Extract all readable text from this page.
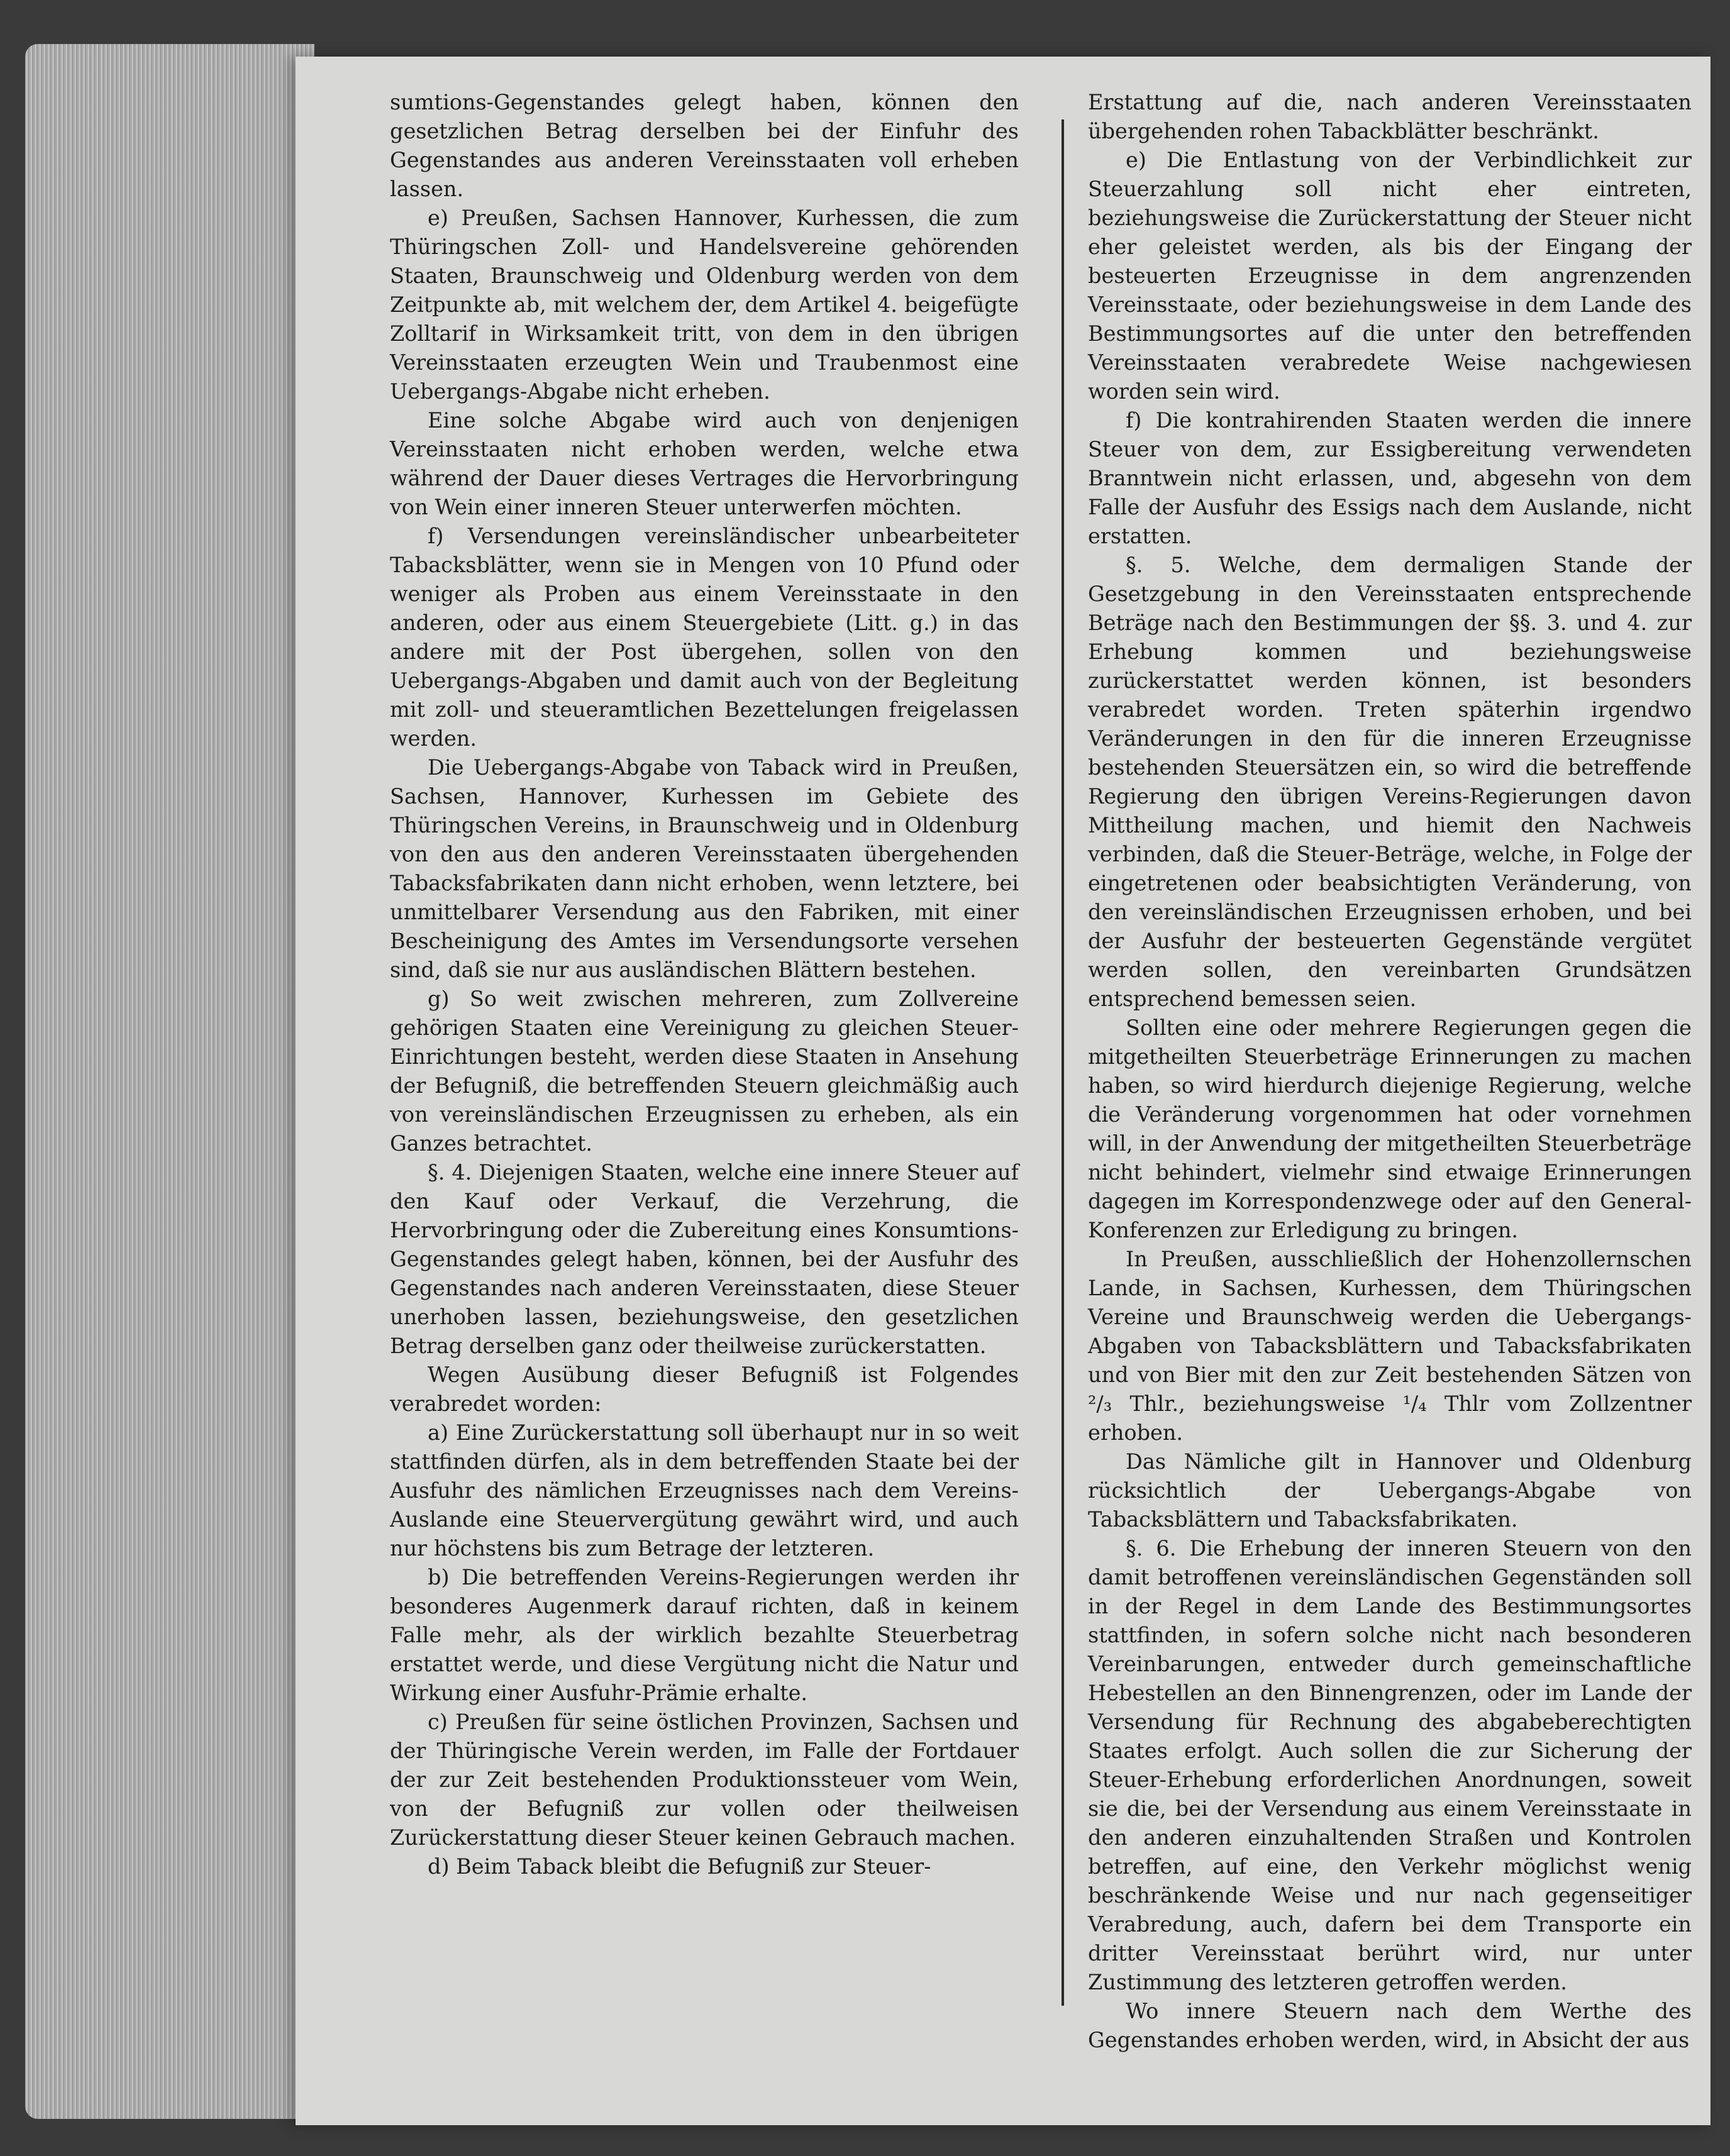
sumtions-Gegenstandes gelegt haben, können den gesetzlichen Betrag derselben bei der Einfuhr des Gegenstandes aus anderen Vereinsstaaten voll erheben lassen.

e) Preußen, Sachsen Hannover, Kurhessen, die zum Thüringschen Zoll- und Handelsvereine gehörenden Staaten, Braunschweig und Oldenburg werden von dem Zeitpunkte ab, mit welchem der, dem Artikel 4. beigefügte Zolltarif in Wirksamkeit tritt, von dem in den übrigen Vereinsstaaten erzeugten Wein und Traubenmost eine Uebergangs-Abgabe nicht erheben.

Eine solche Abgabe wird auch von denjenigen Vereinsstaaten nicht erhoben werden, welche etwa während der Dauer dieses Vertrages die Hervorbringung von Wein einer inneren Steuer unterwerfen möchten.

f) Versendungen vereinsländischer unbearbeiteter Tabacksblätter, wenn sie in Mengen von 10 Pfund oder weniger als Proben aus einem Vereinsstaate in den anderen, oder aus einem Steuergebiete (Litt. g.) in das andere mit der Post übergehen, sollen von den Uebergangs-Abgaben und damit auch von der Begleitung mit zoll- und steueramtlichen Bezettelungen freigelassen werden.

Die Uebergangs-Abgabe von Taback wird in Preußen, Sachsen, Hannover, Kurhessen im Gebiete des Thüringschen Vereins, in Braunschweig und in Oldenburg von den aus den anderen Vereinsstaaten übergehenden Tabacksfabrikaten dann nicht erhoben, wenn letztere, bei unmittelbarer Versendung aus den Fabriken, mit einer Bescheinigung des Amtes im Versendungsorte versehen sind, daß sie nur aus ausländischen Blättern bestehen.

g) So weit zwischen mehreren, zum Zollvereine gehörigen Staaten eine Vereinigung zu gleichen Steuer-Einrichtungen besteht, werden diese Staaten in Ansehung der Befugniß, die betreffenden Steuern gleichmäßig auch von vereinsländischen Erzeugnissen zu erheben, als ein Ganzes betrachtet.

§. 4. Diejenigen Staaten, welche eine innere Steuer auf den Kauf oder Verkauf, die Verzehrung, die Hervorbringung oder die Zubereitung eines Konsumtions-Gegenstandes gelegt haben, können, bei der Ausfuhr des Gegenstandes nach anderen Vereinsstaaten, diese Steuer unerhoben lassen, beziehungsweise, den gesetzlichen Betrag derselben ganz oder theilweise zurückerstatten.

Wegen Ausübung dieser Befugniß ist Folgendes verabredet worden:

a) Eine Zurückerstattung soll überhaupt nur in so weit stattfinden dürfen, als in dem betreffenden Staate bei der Ausfuhr des nämlichen Erzeugnisses nach dem Vereins-Auslande eine Steuervergütung gewährt wird, und auch nur höchstens bis zum Betrage der letzteren.

b) Die betreffenden Vereins-Regierungen werden ihr besonderes Augenmerk darauf richten, daß in keinem Falle mehr, als der wirklich bezahlte Steuerbetrag erstattet werde, und diese Vergütung nicht die Natur und Wirkung einer Ausfuhr-Prämie erhalte.

c) Preußen für seine östlichen Provinzen, Sachsen und der Thüringische Verein werden, im Falle der Fortdauer der zur Zeit bestehenden Produktionssteuer vom Wein, von der Befugniß zur vollen oder theilweisen Zurückerstattung dieser Steuer keinen Gebrauch machen.

d) Beim Taback bleibt die Befugniß zur Steuer-

Erstattung auf die, nach anderen Vereinsstaaten übergehenden rohen Tabackblätter beschränkt.

e) Die Entlastung von der Verbindlichkeit zur Steuerzahlung soll nicht eher eintreten, beziehungsweise die Zurückerstattung der Steuer nicht eher geleistet werden, als bis der Eingang der besteuerten Erzeugnisse in dem angrenzenden Vereinsstaate, oder beziehungsweise in dem Lande des Bestimmungsortes auf die unter den betreffenden Vereinsstaaten verabredete Weise nachgewiesen worden sein wird.

f) Die kontrahirenden Staaten werden die innere Steuer von dem, zur Essigbereitung verwendeten Branntwein nicht erlassen, und, abgesehn von dem Falle der Ausfuhr des Essigs nach dem Auslande, nicht erstatten.

§. 5. Welche, dem dermaligen Stande der Gesetzgebung in den Vereinsstaaten entsprechende Beträge nach den Bestimmungen der §§. 3. und 4. zur Erhebung kommen und beziehungsweise zurückerstattet werden können, ist besonders verabredet worden. Treten späterhin irgendwo Veränderungen in den für die inneren Erzeugnisse bestehenden Steuersätzen ein, so wird die betreffende Regierung den übrigen Vereins-Regierungen davon Mittheilung machen, und hiemit den Nachweis verbinden, daß die Steuer-Beträge, welche, in Folge der eingetretenen oder beabsichtigten Veränderung, von den vereinsländischen Erzeugnissen erhoben, und bei der Ausfuhr der besteuerten Gegenstände vergütet werden sollen, den vereinbarten Grundsätzen entsprechend bemessen seien.

Sollten eine oder mehrere Regierungen gegen die mitgetheilten Steuerbeträge Erinnerungen zu machen haben, so wird hierdurch diejenige Regierung, welche die Veränderung vorgenommen hat oder vornehmen will, in der Anwendung der mitgetheilten Steuerbeträge nicht behindert, vielmehr sind etwaige Erinnerungen dagegen im Korrespondenzwege oder auf den General-Konferenzen zur Erledigung zu bringen.

In Preußen, ausschließlich der Hohenzollernschen Lande, in Sachsen, Kurhessen, dem Thüringschen Vereine und Braunschweig werden die Uebergangs-Abgaben von Tabacksblättern und Tabacksfabrikaten und von Bier mit den zur Zeit bestehenden Sätzen von ²/₃ Thlr., beziehungsweise ¹/₄ Thlr vom Zollzentner erhoben.

Das Nämliche gilt in Hannover und Oldenburg rücksichtlich der Uebergangs-Abgabe von Tabacksblättern und Tabacksfabrikaten.

§. 6. Die Erhebung der inneren Steuern von den damit betroffenen vereinsländischen Gegenständen soll in der Regel in dem Lande des Bestimmungsortes stattfinden, in sofern solche nicht nach besonderen Vereinbarungen, entweder durch gemeinschaftliche Hebestellen an den Binnengrenzen, oder im Lande der Versendung für Rechnung des abgabeberechtigten Staates erfolgt. Auch sollen die zur Sicherung der Steuer-Erhebung erforderlichen Anordnungen, soweit sie die, bei der Versendung aus einem Vereinsstaate in den anderen einzuhaltenden Straßen und Kontrolen betreffen, auf eine, den Verkehr möglichst wenig beschränkende Weise und nur nach gegenseitiger Verabredung, auch, dafern bei dem Transporte ein dritter Vereinsstaat berührt wird, nur unter Zustimmung des letzteren getroffen werden.

Wo innere Steuern nach dem Werthe des Gegenstandes erhoben werden, wird, in Absicht der aus
